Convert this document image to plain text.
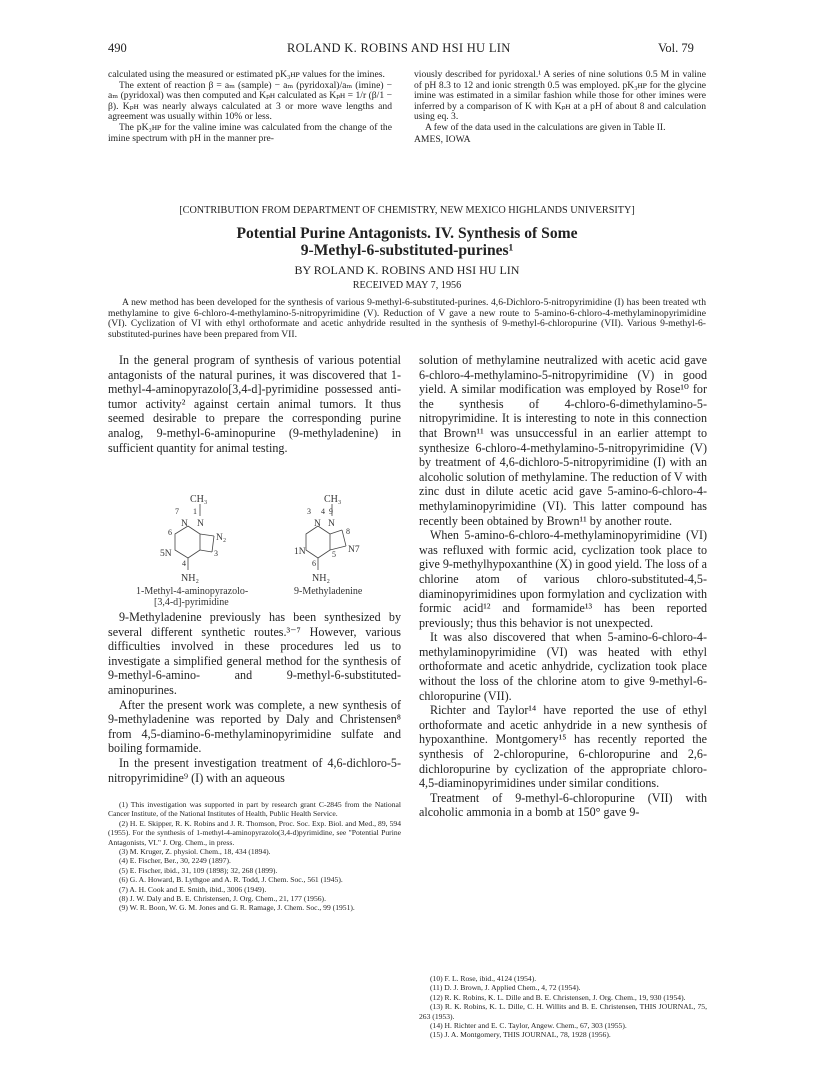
490	ROLAND K. ROBINS AND HSI HU LIN	Vol. 79

calculated using the measured or estimated pK₃ʜᴘ values for the imines.

The extent of reaction β = aₘ (sample) − aₘ (pyridoxal)/aₘ (imine) − aₘ (pyridoxal) was then computed and Kₚʜ calculated as Kₚʜ = 1/r (β/1 − β). Kₚʜ was nearly always calculated at 3 or more wave lengths and agreement was usually within 10% or less.

The pK₃ʜᴘ for the valine imine was calculated from the change of the imine spectrum with pH in the manner pre-

viously described for pyridoxal.¹ A series of nine solutions 0.5 M in valine of pH 8.3 to 12 and ionic strength 0.5 was employed. pK₃ʜᴘ for the glycine imine was estimated in a similar fashion while those for other imines were inferred by a comparison of K with Kₚʜ at a pH of about 8 and calculation using eq. 3.

A few of the data used in the calculations are given in Table II.

AMES, IOWA

[CONTRIBUTION FROM DEPARTMENT OF CHEMISTRY, NEW MEXICO HIGHLANDS UNIVERSITY]
Potential Purine Antagonists. IV. Synthesis of Some
9-Methyl-6-substituted-purines¹
BY ROLAND K. ROBINS AND HSI HU LIN
RECEIVED MAY 7, 1956
A new method has been developed for the synthesis of various 9-methyl-6-substituted-purines. 4,6-Dichloro-5-nitropyrimidine (I) has been treated wth methylamine to give 6-chloro-4-methylamino-5-nitropyrimidine (V). Reduction of V gave a new route to 5-amino-6-chloro-4-methylaminopyrimidine (VI). Cyclization of VI with ethyl orthoformate and acetic anhydride resulted in the synthesis of 9-methyl-6-chloropurine (VII). Various 9-methyl-6-substituted-purines have been prepared from VII.

In the general program of synthesis of various potential antagonists of the natural purines, it was discovered that 1-methyl-4-aminopyrazolo[3,4-d]-pyrimidine possessed anti-tumor activity² against certain animal tumors. It thus seemed desirable to prepare the corresponding purine analog, 9-methyl-6-aminopurine (9-methyladenine) in sufficient quantity for animal testing.

CH₃
7 1
N N
6
N₂
3
5N
4
NH₂
1-Methyl-4-aminopyrazolo-
[3,4-d]-pyrimidine
CH₃
3 4 9
N N
8
N7
1N	5
6
NH₂
9-Methyladenine

9-Methyladenine previously has been synthesized by several different synthetic routes.³⁻⁷ However, various difficulties involved in these procedures led us to investigate a simplified general method for the synthesis of 9-methyl-6-amino- and 9-methyl-6-substituted-aminopurines.

After the present work was complete, a new synthesis of 9-methyladenine was reported by Daly and Christensen⁸ from 4,5-diamino-6-methylaminopyrimidine sulfate and boiling formamide.

In the present investigation treatment of 4,6-dichloro-5-nitropyrimidine⁹ (I) with an aqueous

(1) This investigation was supported in part by research grant C-2845 from the National Cancer Institute, of the National Institutes of Health, Public Health Service.

(2) H. E. Skipper, R. K. Robins and J. R. Thomson, Proc. Soc. Exp. Biol. and Med., 89, 594 (1955). For the synthesis of 1-methyl-4-aminopyrazolo(3,4-d)pyrimidine, see "Potential Purine Antagonists, VI." J. Org. Chem., in press.

(3) M. Kruger, Z. physiol. Chem., 18, 434 (1894).

(4) E. Fischer, Ber., 30, 2249 (1897).

(5) E. Fischer, ibid., 31, 109 (1898); 32, 268 (1899).

(6) G. A. Howard, B. Lythgoe and A. R. Todd, J. Chem. Soc., 561 (1945).

(7) A. H. Cook and E. Smith, ibid., 3006 (1949).

(8) J. W. Daly and B. E. Christensen, J. Org. Chem., 21, 177 (1956).

(9) W. R. Boon, W. G. M. Jones and G. R. Ramage, J. Chem. Soc., 99 (1951).

solution of methylamine neutralized with acetic acid gave 6-chloro-4-methylamino-5-nitropyrimidine (V) in good yield. A similar modification was employed by Rose¹⁰ for the synthesis of 4-chloro-6-dimethylamino-5-nitropyrimidine. It is interesting to note in this connection that Brown¹¹ was unsuccessful in an earlier attempt to synthesize 6-chloro-4-methylamino-5-nitropyrimidine (V) by treatment of 4,6-dichloro-5-nitropyrimidine (I) with an alcoholic solution of methylamine. The reduction of V with zinc dust in dilute acetic acid gave 5-amino-6-chloro-4-methylaminopyrimidine (VI). This latter compound has recently been obtained by Brown¹¹ by another route.

When 5-amino-6-chloro-4-methylaminopyrimidine (VI) was refluxed with formic acid, cyclization took place to give 9-methylhypoxanthine (X) in good yield. The loss of a chlorine atom of various chloro-substituted-4,5-diaminopyrimidines upon formylation and cyclization with formic acid¹² and formamide¹³ has been reported previously; thus this behavior is not unexpected.

It was also discovered that when 5-amino-6-chloro-4-methylaminopyrimidine (VI) was heated with ethyl orthoformate and acetic anhydride, cyclization took place without the loss of the chlorine atom to give 9-methyl-6-chloropurine (VII).

Richter and Taylor¹⁴ have reported the use of ethyl orthoformate and acetic anhydride in a new synthesis of hypoxanthine. Montgomery¹⁵ has recently reported the synthesis of 2-chloropurine, 6-chloropurine and 2,6-dichloropurine by cyclization of the appropriate chloro-4,5-diaminopyrimidines under similar conditions.

Treatment of 9-methyl-6-chloropurine (VII) with alcoholic ammonia in a bomb at 150° gave 9-

(10) F. L. Rose, ibid., 4124 (1954).

(11) D. J. Brown, J. Applied Chem., 4, 72 (1954).

(12) R. K. Robins, K. L. Dille and B. E. Christensen, J. Org. Chem., 19, 930 (1954).

(13) R. K. Robins, K. L. Dille, C. H. Willits and B. E. Christensen, THIS JOURNAL, 75, 263 (1953).

(14) H. Richter and E. C. Taylor, Angew. Chem., 67, 303 (1955).

(15) J. A. Montgomery, THIS JOURNAL, 78, 1928 (1956).
